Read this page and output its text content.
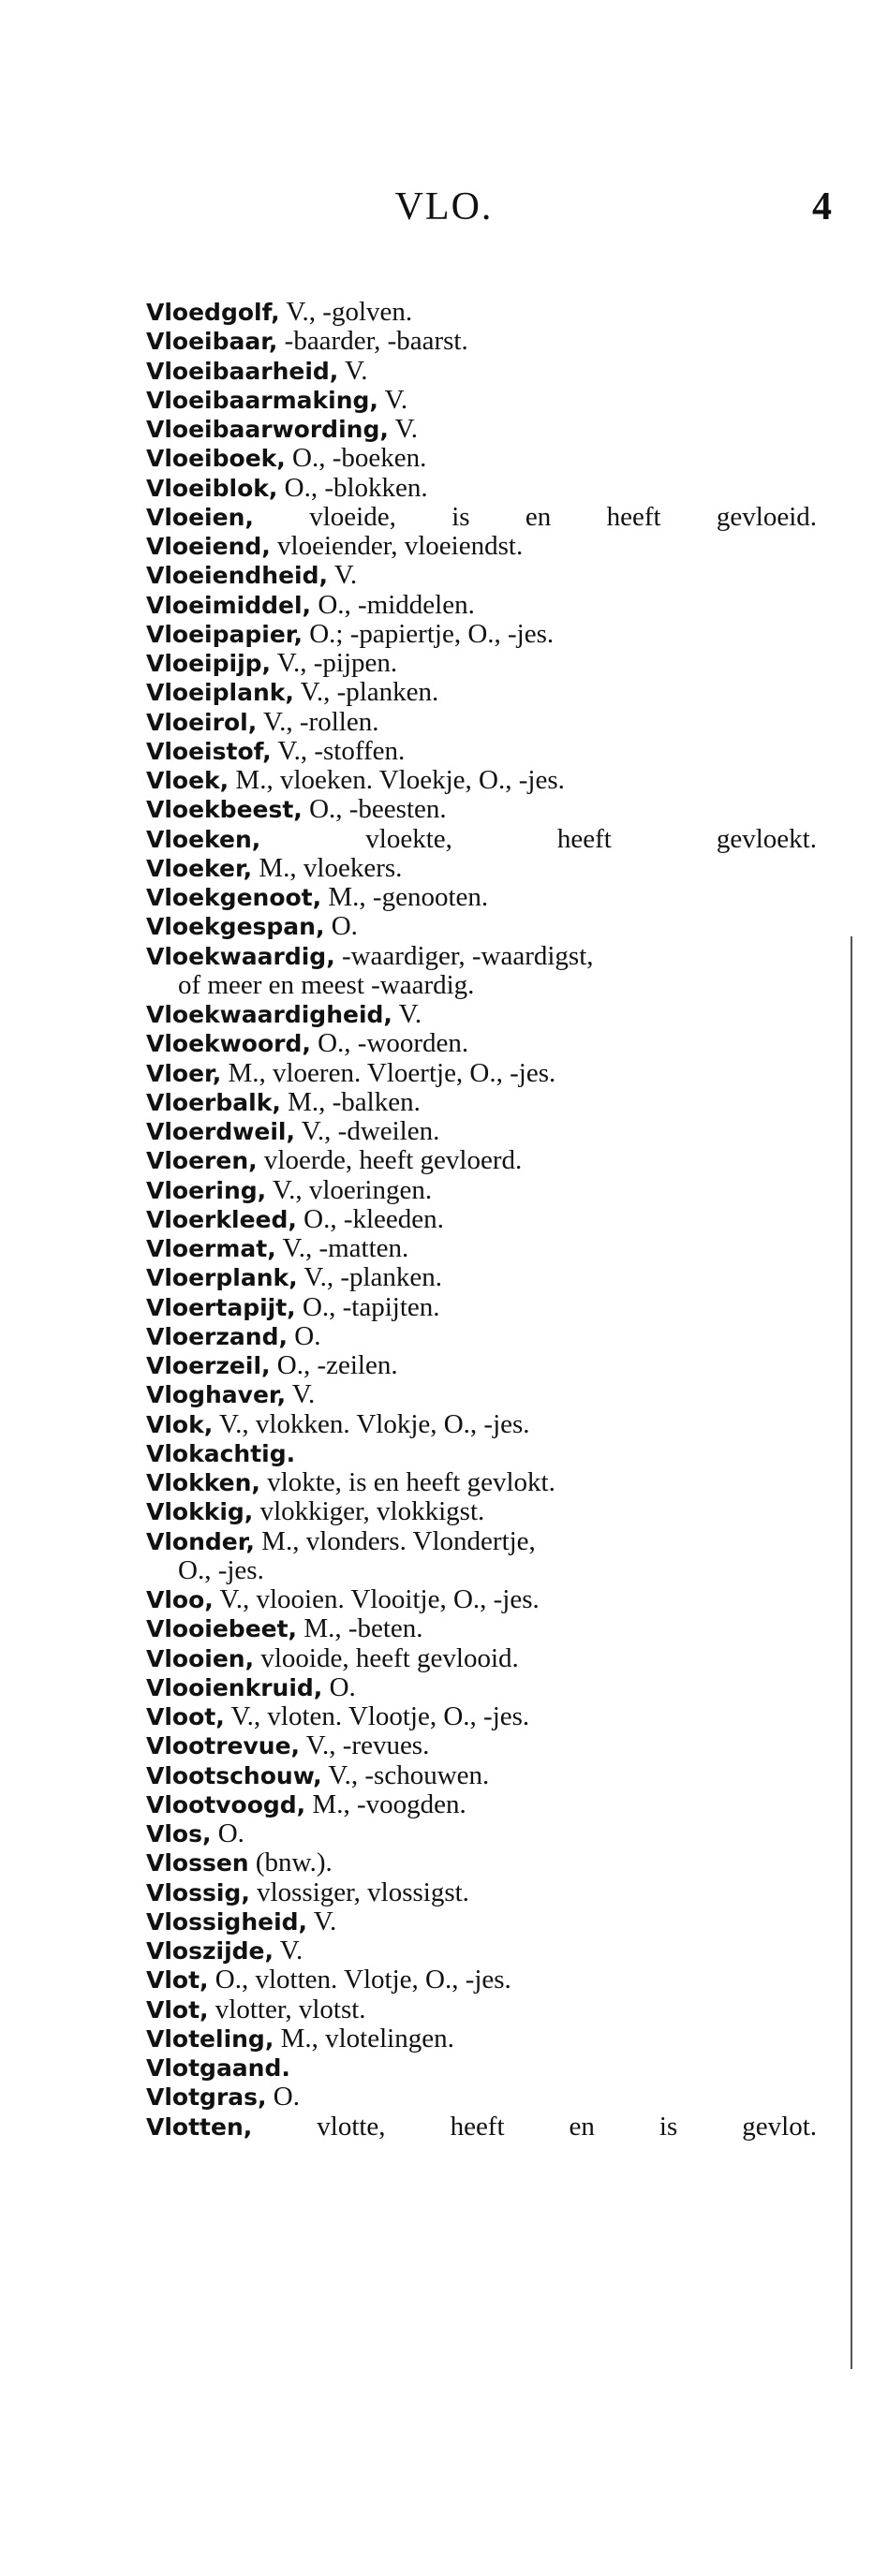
VLO.	4
Vloedgolf, V., -golven.
Vloeibaar, -baarder, -baarst.
Vloeibaarheid, V.
Vloeibaarmaking, V.
Vloeibaarwording, V.
Vloeiboek, O., -boeken.
Vloeiblok, O., -blokken.
Vloeien, vloeide, is en heeft gevloeid.
Vloeiend, vloeiender, vloeiendst.
Vloeiendheid, V.
Vloeimiddel, O., -middelen.
Vloeipapier, O.; -papiertje, O., -jes.
Vloeipijp, V., -pijpen.
Vloeiplank, V., -planken.
Vloeirol, V., -rollen.
Vloeistof, V., -stoffen.
Vloek, M., vloeken. Vloekje, O., -jes.
Vloekbeest, O., -beesten.
Vloeken,	vloekte, heeft gevloekt.
Vloeker, M., vloekers.
Vloekgenoot, M., -genooten.
Vloekgespan, O.
Vloekwaardig, -waardiger, -waardigst,
of meer en meest -waardig.
Vloekwaardigheid, V.
Vloekwoord, O., -woorden.
Vloer, M., vloeren. Vloertje, O., -jes.
Vloerbalk, M., -balken.
Vloerdweil, V., -dweilen.
Vloeren, vloerde, heeft gevloerd.
Vloering, V., vloeringen.
Vloerkleed, O., -kleeden.
Vloermat, V., -matten.
Vloerplank, V., -planken.
Vloertapijt, O., -tapijten.
Vloerzand, O.
Vloerzeil, O., -zeilen.
Vloghaver, V.
Vlok, V., vlokken. Vlokje, O., -jes.
Vlokachtig.
Vlokken, vlokte, is en heeft gevlokt.
Vlokkig, vlokkiger, vlokkigst.
Vlonder, M., vlonders. Vlondertje,
O., -jes.
Vloo, V., vlooien. Vlooitje, O., -jes.
Vlooiebeet, M., -beten.
Vlooien, vlooide, heeft gevlooid.
Vlooienkruid, O.
Vloot, V., vloten. Vlootje, O., -jes.
Vlootrevue, V., -revues.
Vlootschouw, V., -schouwen.
Vlootvoogd, M., -voogden.
Vlos, O.
Vlossen (bnw.).
Vlossig, vlossiger, vlossigst.
Vlossigheid, V.
Vloszijde, V.
Vlot, O., vlotten. Vlotje, O., -jes.
Vlot, vlotter, vlotst.
Vloteling, M., vlotelingen.
Vlotgaand.
Vlotgras, O.
Vlotten, vlotte, heeft en is gevlot.
